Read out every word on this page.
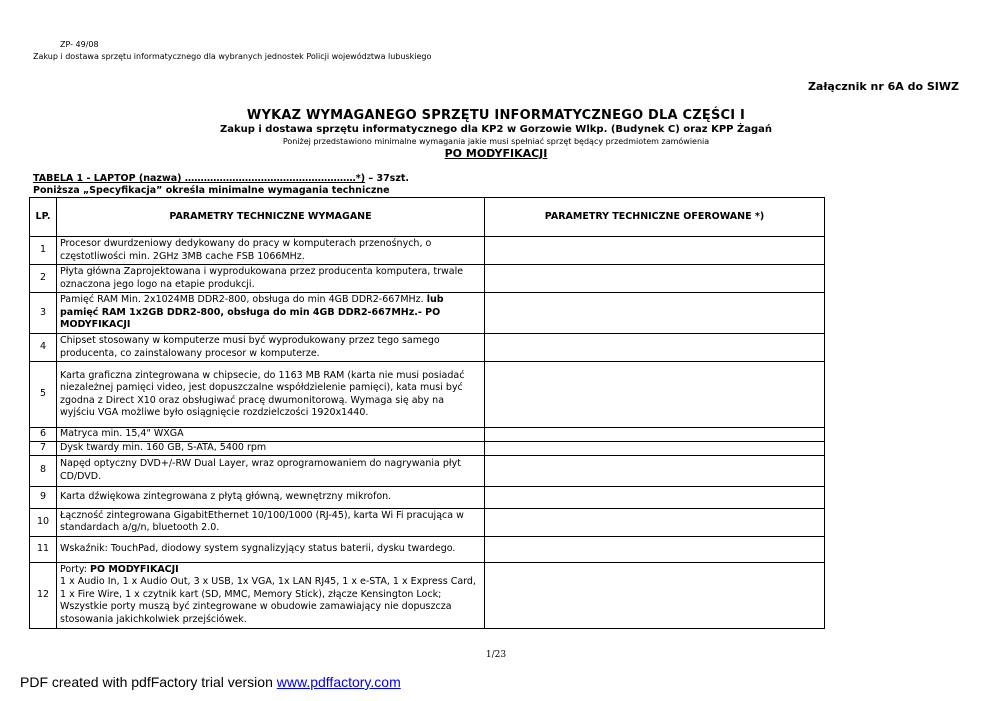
ZP- 49/08
Zakup i dostawa sprzętu informatycznego dla wybranych jednostek Policji województwa lubuskiego
Załącznik nr 6A do SIWZ
WYKAZ WYMAGANEGO SPRZĘTU INFORMATYCZNEGO DLA CZĘŚCI I
Zakup i dostawa sprzętu informatycznego dla KP2 w Gorzowie Wlkp. (Budynek C) oraz KPP Żagań
Poniżej przedstawiono minimalne wymagania jakie musi spełniać sprzęt będący przedmiotem zamówienia
PO MODYFIKACJI
TABELA 1 - LAPTOP (nazwa) ………………………………………………*) – 37szt.
Poniższa „Specyfikacja” określa minimalne wymagania techniczne
LP.	PARAMETRY TECHNICZNE WYMAGANE	PARAMETRY TECHNICZNE OFEROWANE *)
1	Procesor dwurdzeniowy dedykowany do pracy w komputerach przenośnych, o częstotliwości min. 2GHz 3MB cache FSB 1066MHz.	
2	Płyta główna Zaprojektowana i wyprodukowana przez producenta komputera, trwale oznaczona jego logo na etapie produkcji.	
3	Pamięć RAM Min. 2x1024MB DDR2-800, obsługa do min 4GB DDR2-667MHz. lub pamięć RAM 1x2GB DDR2-800, obsługa do min 4GB DDR2-667MHz.- PO MODYFIKACJI	
4	Chipset stosowany w komputerze musi być wyprodukowany przez tego samego producenta, co zainstalowany procesor w komputerze.	
5	Karta graficzna zintegrowana w chipsecie, do 1163 MB RAM (karta nie musi posiadać niezależnej pamięci video, jest dopuszczalne współdzielenie pamięci), kata musi być zgodna z Direct X10 oraz obsługiwać pracę dwumonitorową. Wymaga się aby na wyjściu VGA możliwe było osiągnięcie rozdzielczości 1920x1440.	
6	Matryca min. 15,4" WXGA	
7	Dysk twardy min. 160 GB, S-ATA, 5400 rpm	
8	Napęd optyczny DVD+/-RW Dual Layer, wraz oprogramowaniem do nagrywania płyt CD/DVD.	
9	Karta dźwiękowa zintegrowana z płytą główną, wewnętrzny mikrofon.	
10	Łączność zintegrowana GigabitEthernet 10/100/1000 (RJ-45), karta Wi Fi pracująca w standardach a/g/n, bluetooth 2.0.	
11	Wskaźnik: TouchPad, diodowy system sygnalizyjący status baterii, dysku twardego.	
12	Porty: PO MODYFIKACJI
1 x Audio In, 1 x Audio Out, 3 x USB, 1x VGA, 1x LAN RJ45, 1 x e-STA, 1 x Express Card, 1 x Fire Wire, 1 x czytnik kart (SD, MMC, Memory Stick), złącze Kensington Lock; Wszystkie porty muszą być zintegrowane w obudowie zamawiający nie dopuszcza stosowania jakichkolwiek przejściówek.	
1/23
PDF created with pdfFactory trial version www.pdffactory.com
